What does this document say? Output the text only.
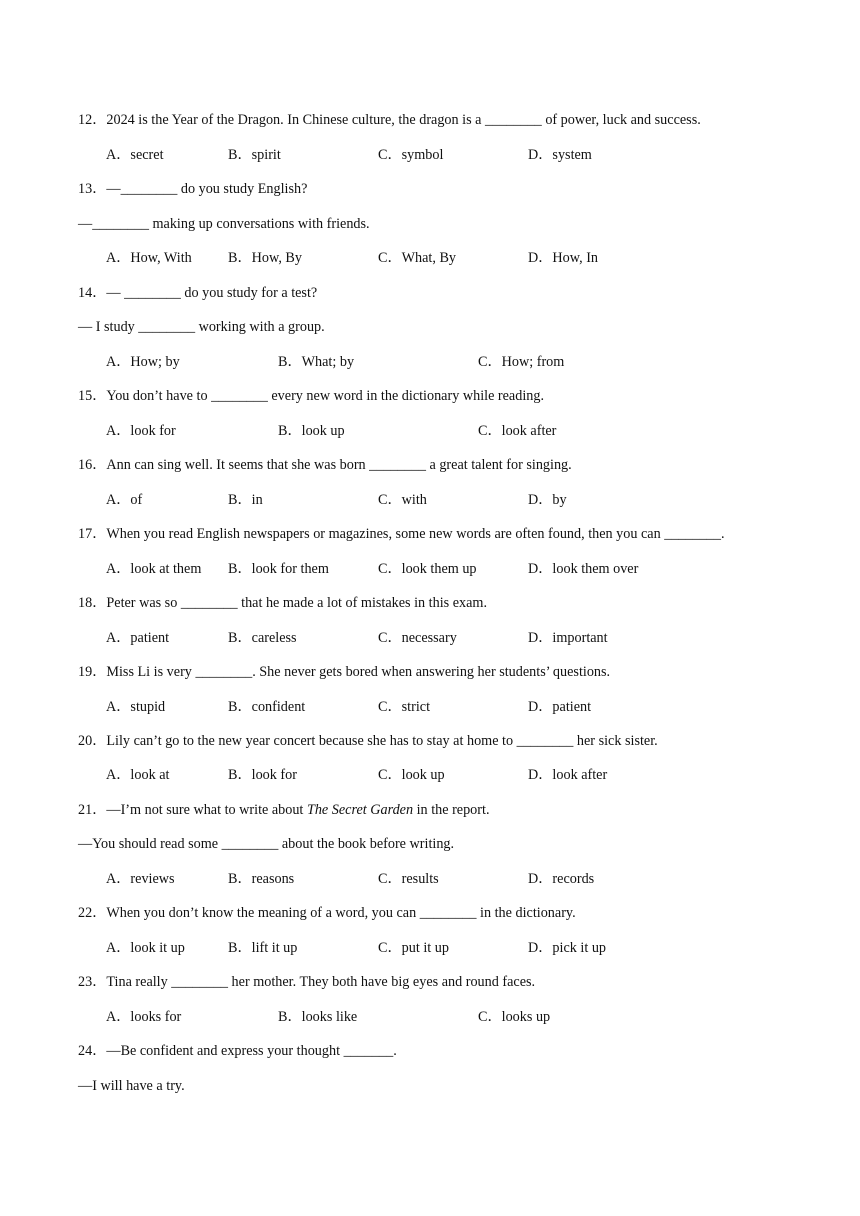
12．2024 is the Year of the Dragon. In Chinese culture, the dragon is a ________ of power, luck and success.
A．secret	B．spirit	C．symbol	D．system
13．—________ do you study English?
—________ making up conversations with friends.
A．How, With	B．How, By	C．What, By	D．How, In
14．— ________ do you study for a test?
— I study ________ working with a group.
A．How; by	B．What; by	C．How; from
15．You don’t have to ________ every new word in the dictionary while reading.
A．look for	B．look up	C．look after
16．Ann can sing well. It seems that she was born ________ a great talent for singing.
A．of	B．in	C．with	D．by
17．When you read English newspapers or magazines, some new words are often found, then you can ________.
A．look at them B．look for them	C．look them up	D．look them over
18．Peter was so ________ that he made a lot of mistakes in this exam.
A．patient	B．careless	C．necessary	D．important
19．Miss Li is very ________. She never gets bored when answering her students’ questions.
A．stupid	B．confident	C．strict	D．patient
20．Lily can’t go to the new year concert because she has to stay at home to ________ her sick sister.
A．look at	B．look for	C．look up	D．look after
21．—I’m not sure what to write about The Secret Garden in the report.
—You should read some ________ about the book before writing.
A．reviews	B．reasons	C．results	D．records
22．When you don’t know the meaning of a word, you can ________ in the dictionary.
A．look it up	B．lift it up	C．put it up	D．pick it up
23．Tina really ________ her mother. They both have big eyes and round faces.
A．looks for	B．looks like	C．looks up
24．—Be confident and express your thought _______.
—I will have a try.
